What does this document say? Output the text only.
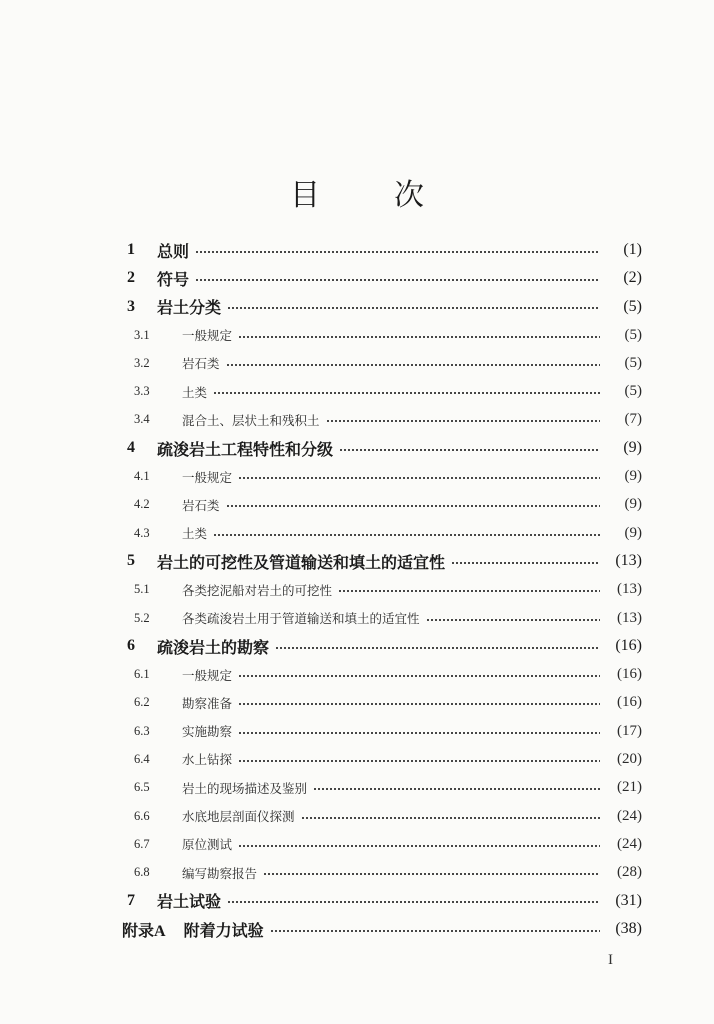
目　次
1	总则	(1)
2	符号	(2)
3	岩土分类	(5)
3.1	一般规定	(5)
3.2	岩石类	(5)
3.3	土类	(5)
3.4	混合土、层状土和残积土	(7)
4	疏浚岩土工程特性和分级	(9)
4.1	一般规定	(9)
4.2	岩石类	(9)
4.3	土类	(9)
5	岩土的可挖性及管道输送和填土的适宜性	(13)
5.1	各类挖泥船对岩土的可挖性	(13)
5.2	各类疏浚岩土用于管道输送和填土的适宜性	(13)
6	疏浚岩土的勘察	(16)
6.1	一般规定	(16)
6.2	勘察准备	(16)
6.3	实施勘察	(17)
6.4	水上钻探	(20)
6.5	岩土的现场描述及鉴别	(21)
6.6	水底地层剖面仪探测	(24)
6.7	原位测试	(24)
6.8	编写勘察报告	(28)
7	岩土试验	(31)
附录A	附着力试验	(38)
I
